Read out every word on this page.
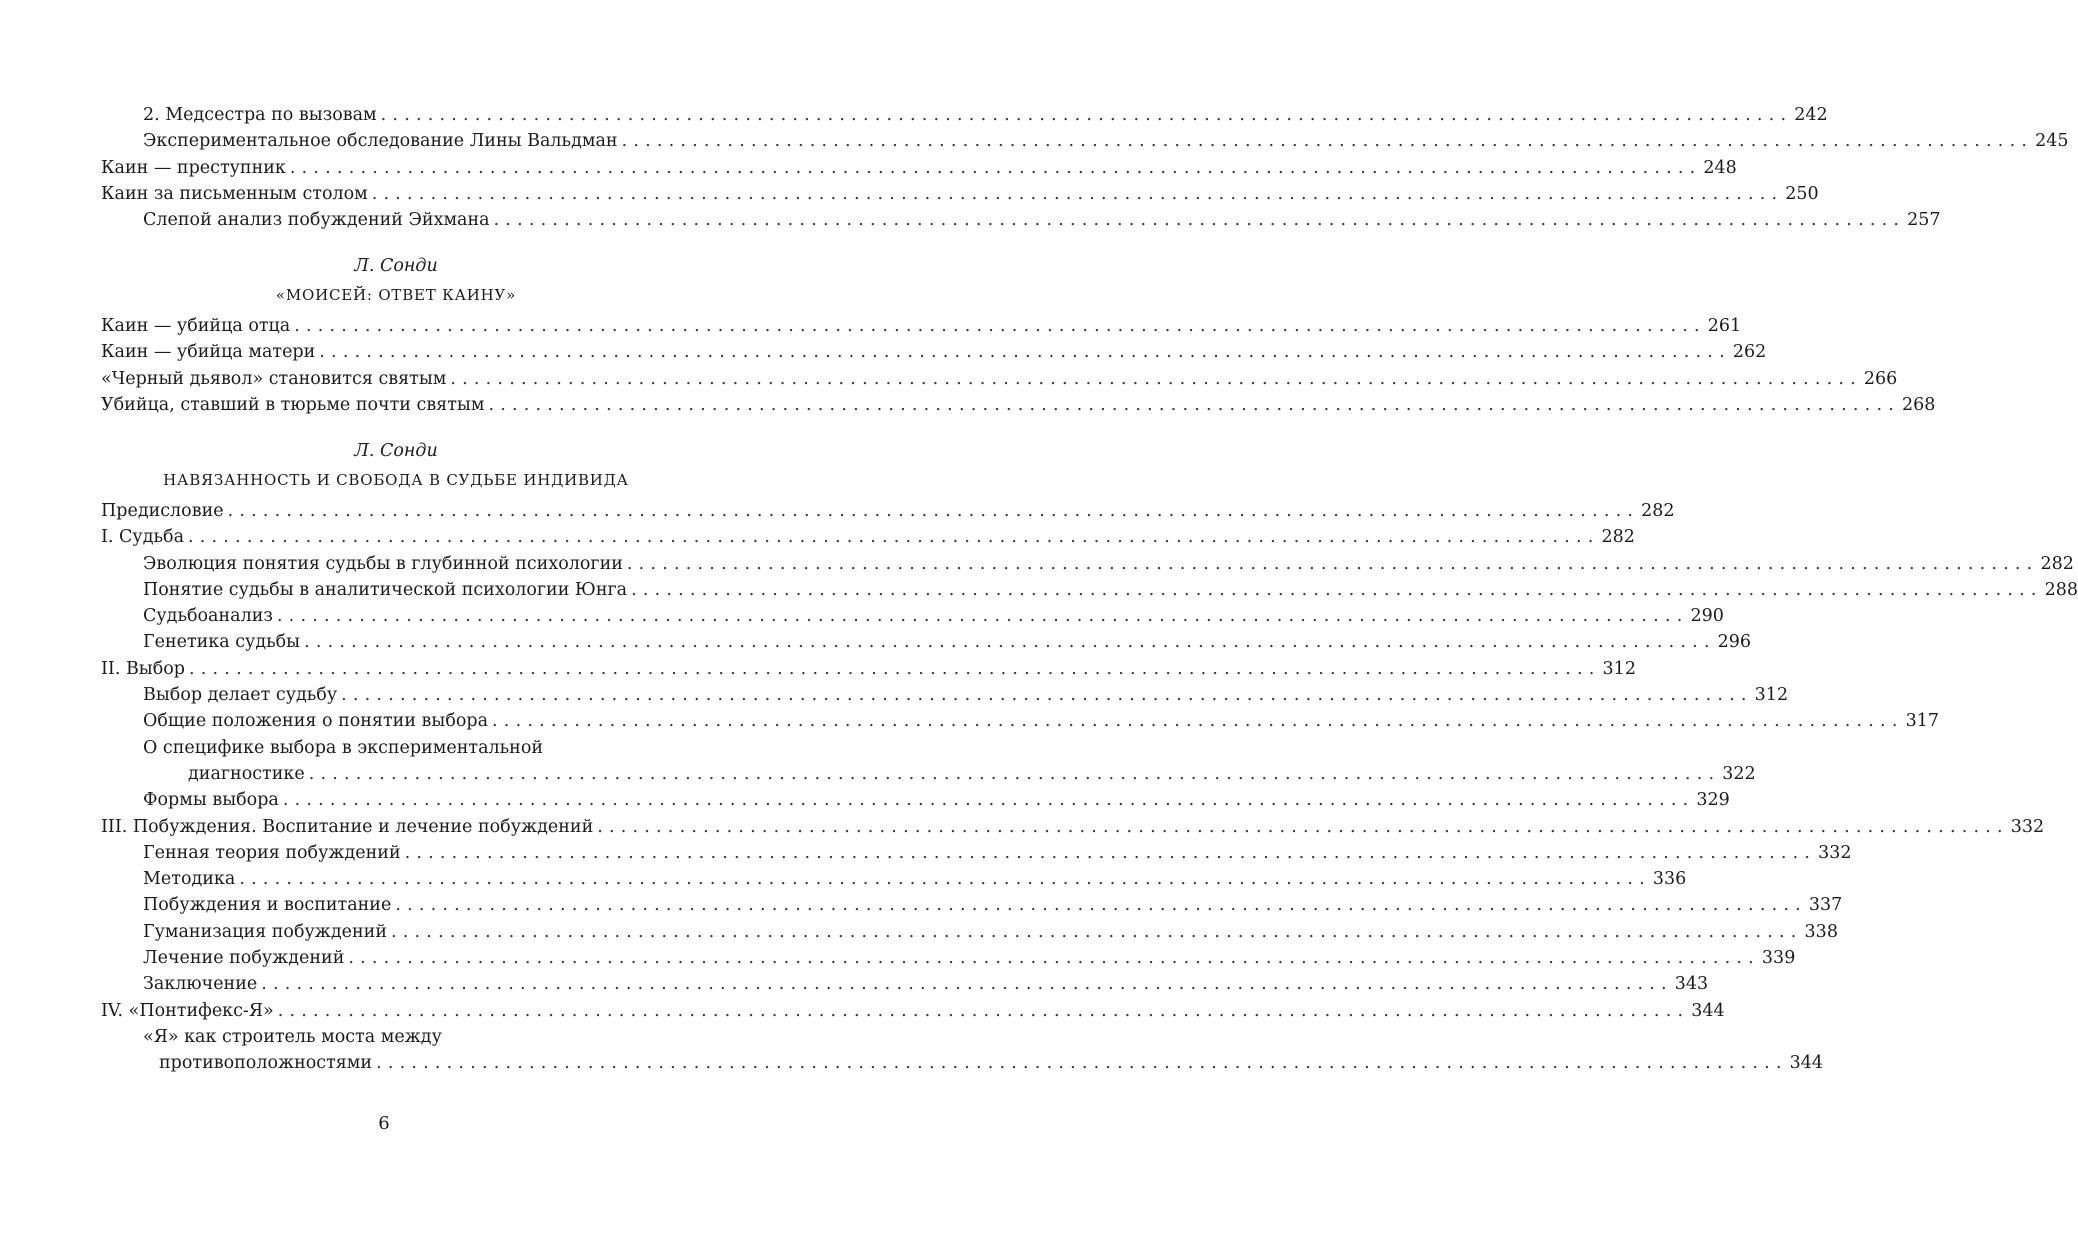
2. Медсестра по вызовам ........................................................................................................................ 242
Экспериментальное обследование Лины Вальдман ........................................................................................................................ 245
Каин — преступник ........................................................................................................................ 248
Каин за письменным столом ........................................................................................................................ 250
Слепой анализ побуждений Эйхмана ........................................................................................................................ 257
Л. Сонди
«МОИСЕЙ: ОТВЕТ КАИНУ»
Каин — убийца отца ........................................................................................................................ 261
Каин — убийца матери ........................................................................................................................ 262
«Черный дьявол» становится святым ........................................................................................................................ 266
Убийца, ставший в тюрьме почти святым ........................................................................................................................ 268
Л. Сонди
НАВЯЗАННОСТЬ И СВОБОДА В СУДЬБЕ ИНДИВИДА
Предисловие ........................................................................................................................ 282
I. Судьба ........................................................................................................................ 282
Эволюция понятия судьбы в глубинной психологии ........................................................................................................................ 282
Понятие судьбы в аналитической психологии Юнга ........................................................................................................................ 288
Судьбоанализ ........................................................................................................................ 290
Генетика судьбы ........................................................................................................................ 296
II. Выбор ........................................................................................................................ 312
Выбор делает судьбу ........................................................................................................................ 312
Общие положения о понятии выбора ........................................................................................................................ 317
О специфике выбора в экспериментальной
диагностике ........................................................................................................................ 322
Формы выбора ........................................................................................................................ 329
III. Побуждения. Воспитание и лечение побуждений ........................................................................................................................ 332
Генная теория побуждений ........................................................................................................................ 332
Методика ........................................................................................................................ 336
Побуждения и воспитание ........................................................................................................................ 337
Гуманизация побуждений ........................................................................................................................ 338
Лечение побуждений ........................................................................................................................ 339
Заключение ........................................................................................................................ 343
IV. «Понтифекс-Я» ........................................................................................................................ 344
«Я» как строитель моста между
противоположностями ........................................................................................................................ 344
6
